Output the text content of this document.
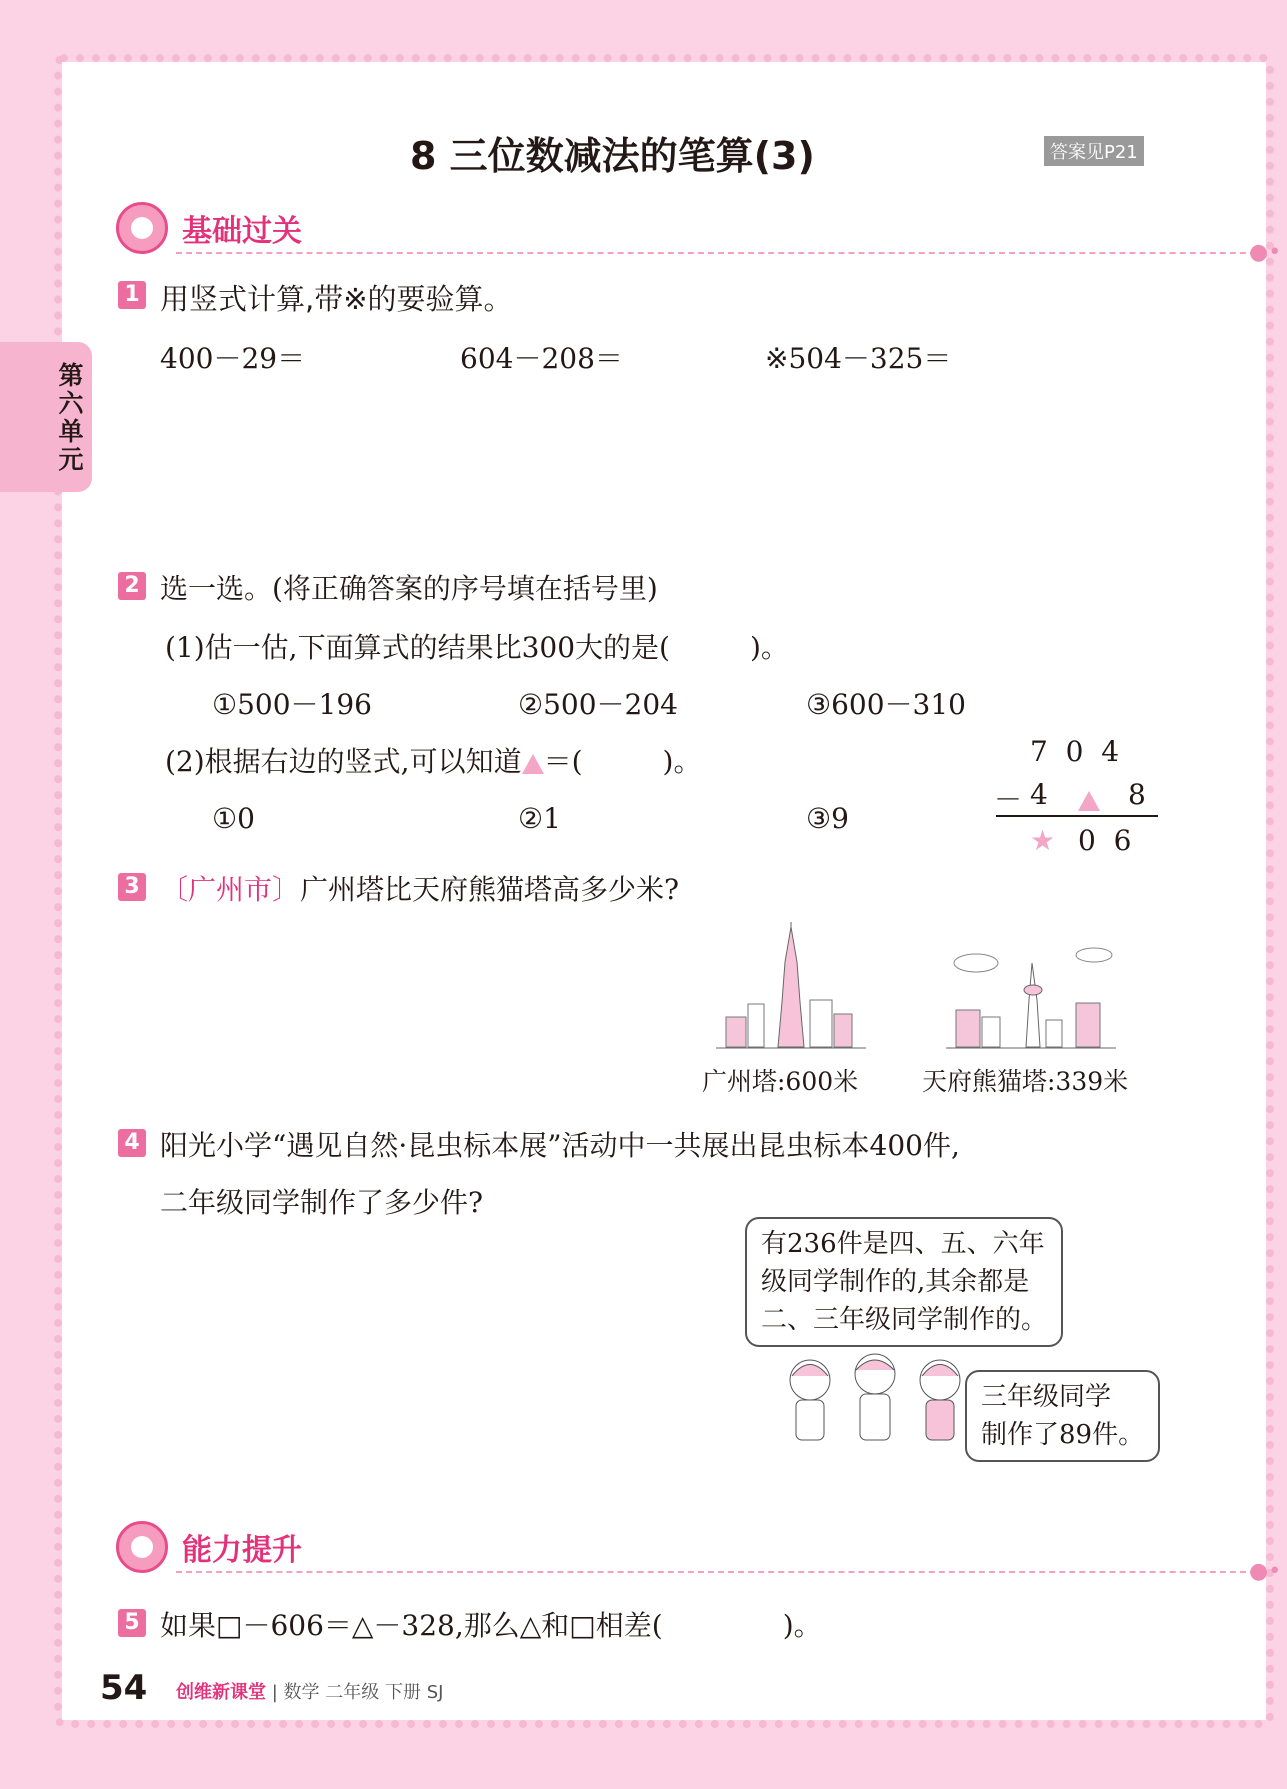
第六单元
8 三位数减法的笔算(3)	答案见P21
基础过关
●•
1 用竖式计算,带※的要验算。
400－29＝	604－208＝	※504－325＝
2 选一选。(将正确答案的序号填在括号里)
(1)估一估,下面算式的结果比300大的是(	)。
①500－196	②500－204	③600－310
(2)根据右边的竖式,可以知道 ＝(	)。
①0	②1	③9
7  0  4
－ 4	8
★ 0  6
3 〔广州市〕广州塔比天府熊猫塔高多少米?
广州塔:600米	天府熊猫塔:339米
4 阳光小学“遇见自然·昆虫标本展”活动中一共展出昆虫标本400件,
二年级同学制作了多少件?
有236件是四、五、六年
级同学制作的,其余都是
二、三年级同学制作的。
三年级同学
制作了89件。
能力提升
●•
5 如果□－606＝△－328,那么△和□相差(	)。
54 创维新课堂 | 数学 二年级 下册 SJ
